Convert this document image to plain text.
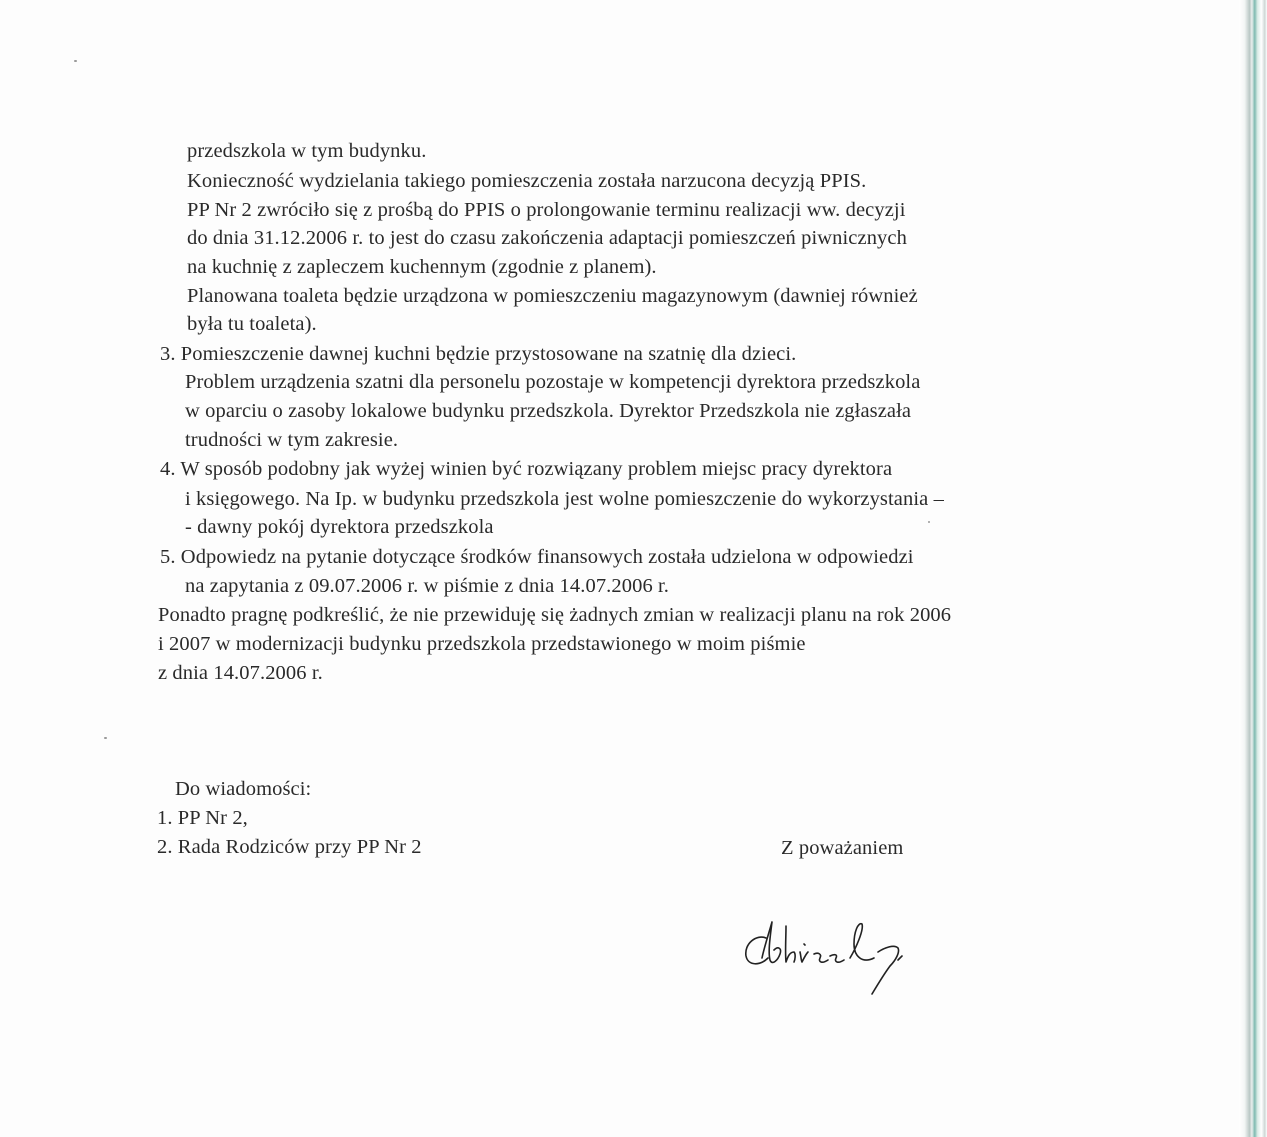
przedszkola w tym budynku.
Konieczność wydzielania takiego pomieszczenia została narzucona decyzją PPIS.
PP Nr 2 zwróciło się z prośbą do PPIS o prolongowanie terminu realizacji ww. decyzji
do dnia 31.12.2006 r. to jest do czasu zakończenia adaptacji pomieszczeń piwnicznych
na kuchnię z zapleczem kuchennym (zgodnie z planem).
Planowana toaleta będzie urządzona w pomieszczeniu magazynowym (dawniej również
była tu toaleta).
3. Pomieszczenie dawnej kuchni będzie przystosowane na szatnię dla dzieci.
Problem urządzenia szatni dla personelu pozostaje w kompetencji dyrektora przedszkola
w oparciu o zasoby lokalowe budynku przedszkola. Dyrektor Przedszkola nie zgłaszała
trudności w tym zakresie.
4. W sposób podobny jak wyżej winien być rozwiązany problem miejsc pracy dyrektora
i księgowego. Na Ip. w budynku przedszkola jest wolne pomieszczenie do wykorzystania –
- dawny pokój dyrektora przedszkola
5. Odpowiedz na pytanie dotyczące środków finansowych została udzielona w odpowiedzi
na zapytania z 09.07.2006 r. w piśmie z dnia 14.07.2006 r.
Ponadto pragnę podkreślić, że nie przewiduję się żadnych zmian w realizacji planu na rok 2006
i 2007 w modernizacji budynku przedszkola przedstawionego w moim piśmie
z dnia 14.07.2006 r.
Do wiadomości:
1. PP Nr 2,
2. Rada Rodziców przy PP Nr 2	Z poważaniem
